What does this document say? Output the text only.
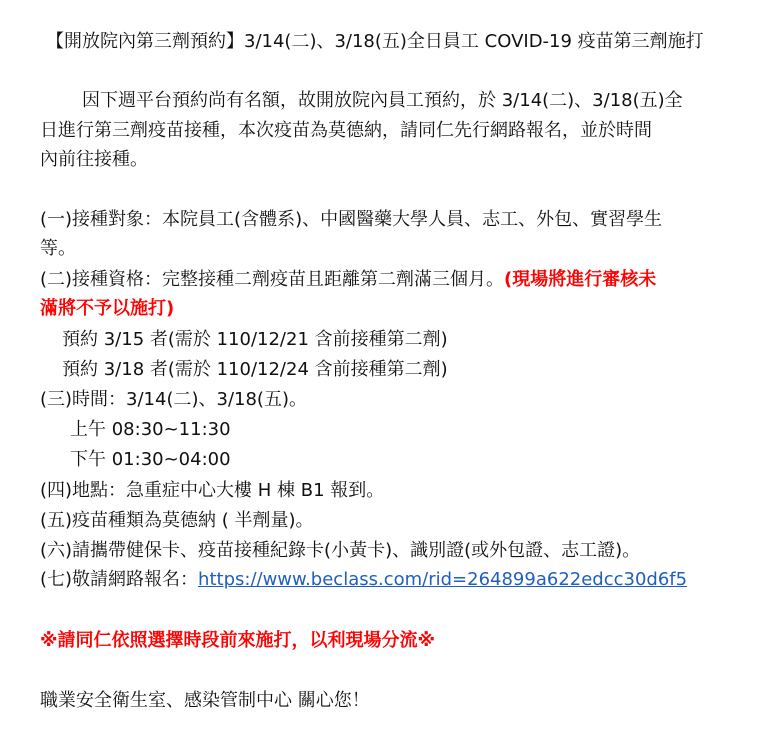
【開放院內第三劑預約】3/14(二)、3/18(五)全日員工 COVID-19 疫苗第三劑施打
因下週平台預約尚有名額，故開放院內員工預約，於 3/14(二)、3/18(五)全
日進行第三劑疫苗接種，本次疫苗為莫德納，請同仁先行網路報名，並於時間
內前往接種。
(一)接種對象：本院員工(含體系)、中國醫藥大學人員、志工、外包、實習學生
等。
(二)接種資格：完整接種二劑疫苗且距離第二劑滿三個月。(現場將進行審核未
滿將不予以施打)
預約 3/15 者(需於 110/12/21 含前接種第二劑)
預約 3/18 者(需於 110/12/24 含前接種第二劑)
(三)時間：3/14(二)、3/18(五)。
上午 08:30~11:30
下午 01:30~04:00
(四)地點：急重症中心大樓 H 棟 B1 報到。
(五)疫苗種類為莫德納 ( 半劑量)。
(六)請攜帶健保卡、疫苗接種紀錄卡(小黃卡)、識別證(或外包證、志工證)。
(七)敬請網路報名：https://www.beclass.com/rid=264899a622edcc30d6f5
※請同仁依照選擇時段前來施打，以利現場分流※
職業安全衛生室、感染管制中心 關心您！
